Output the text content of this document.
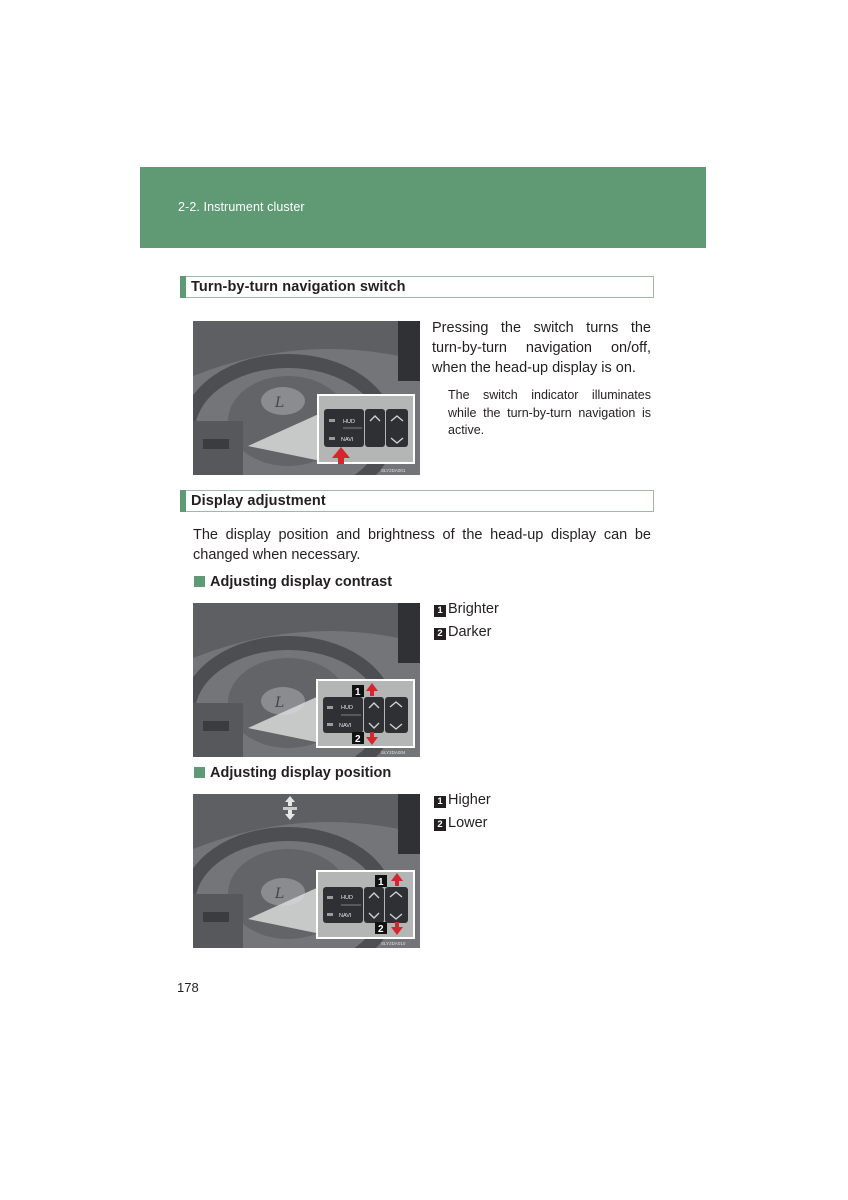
2-2. Instrument cluster
Turn-by-turn navigation switch
L
HUD
NAVI
SLY2DA001

Pressing the switch turns the turn-by-turn navigation on/off, when the head-up display is on.

The switch indicator illuminates while the turn-by-turn navigation is active.

Display adjustment

The display position and brightness of the head-up display can be changed when necessary.

Adjusting display contrast
L	HUD
NAVI
1
2
SLY2DA004
1 Brighter
2 Darker
Adjusting display position
L	HUD
NAVI
1
2
SLY2DA010
1 Higher
2 Lower
178
